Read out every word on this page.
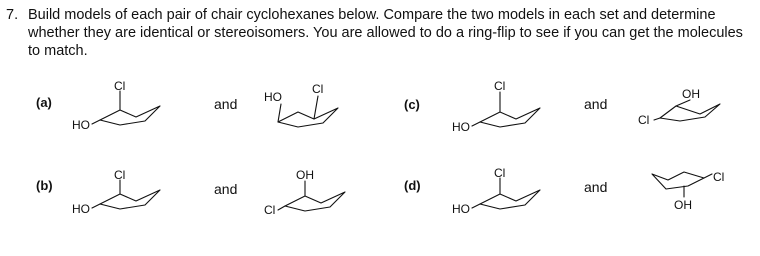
7. Build models of each pair of chair cyclohexanes below. Compare the two models in each set and determine whether they are identical or stereoisomers. You are allowed to do a ring-flip to see if you can get the molecules to match.
(a)
Cl
HO
and HO
Cl
(b)
Cl
HO
and
OH
Cl
(c)
Cl
HO
and
OH
Cl
(d)
Cl
HO
and
Cl
OH
